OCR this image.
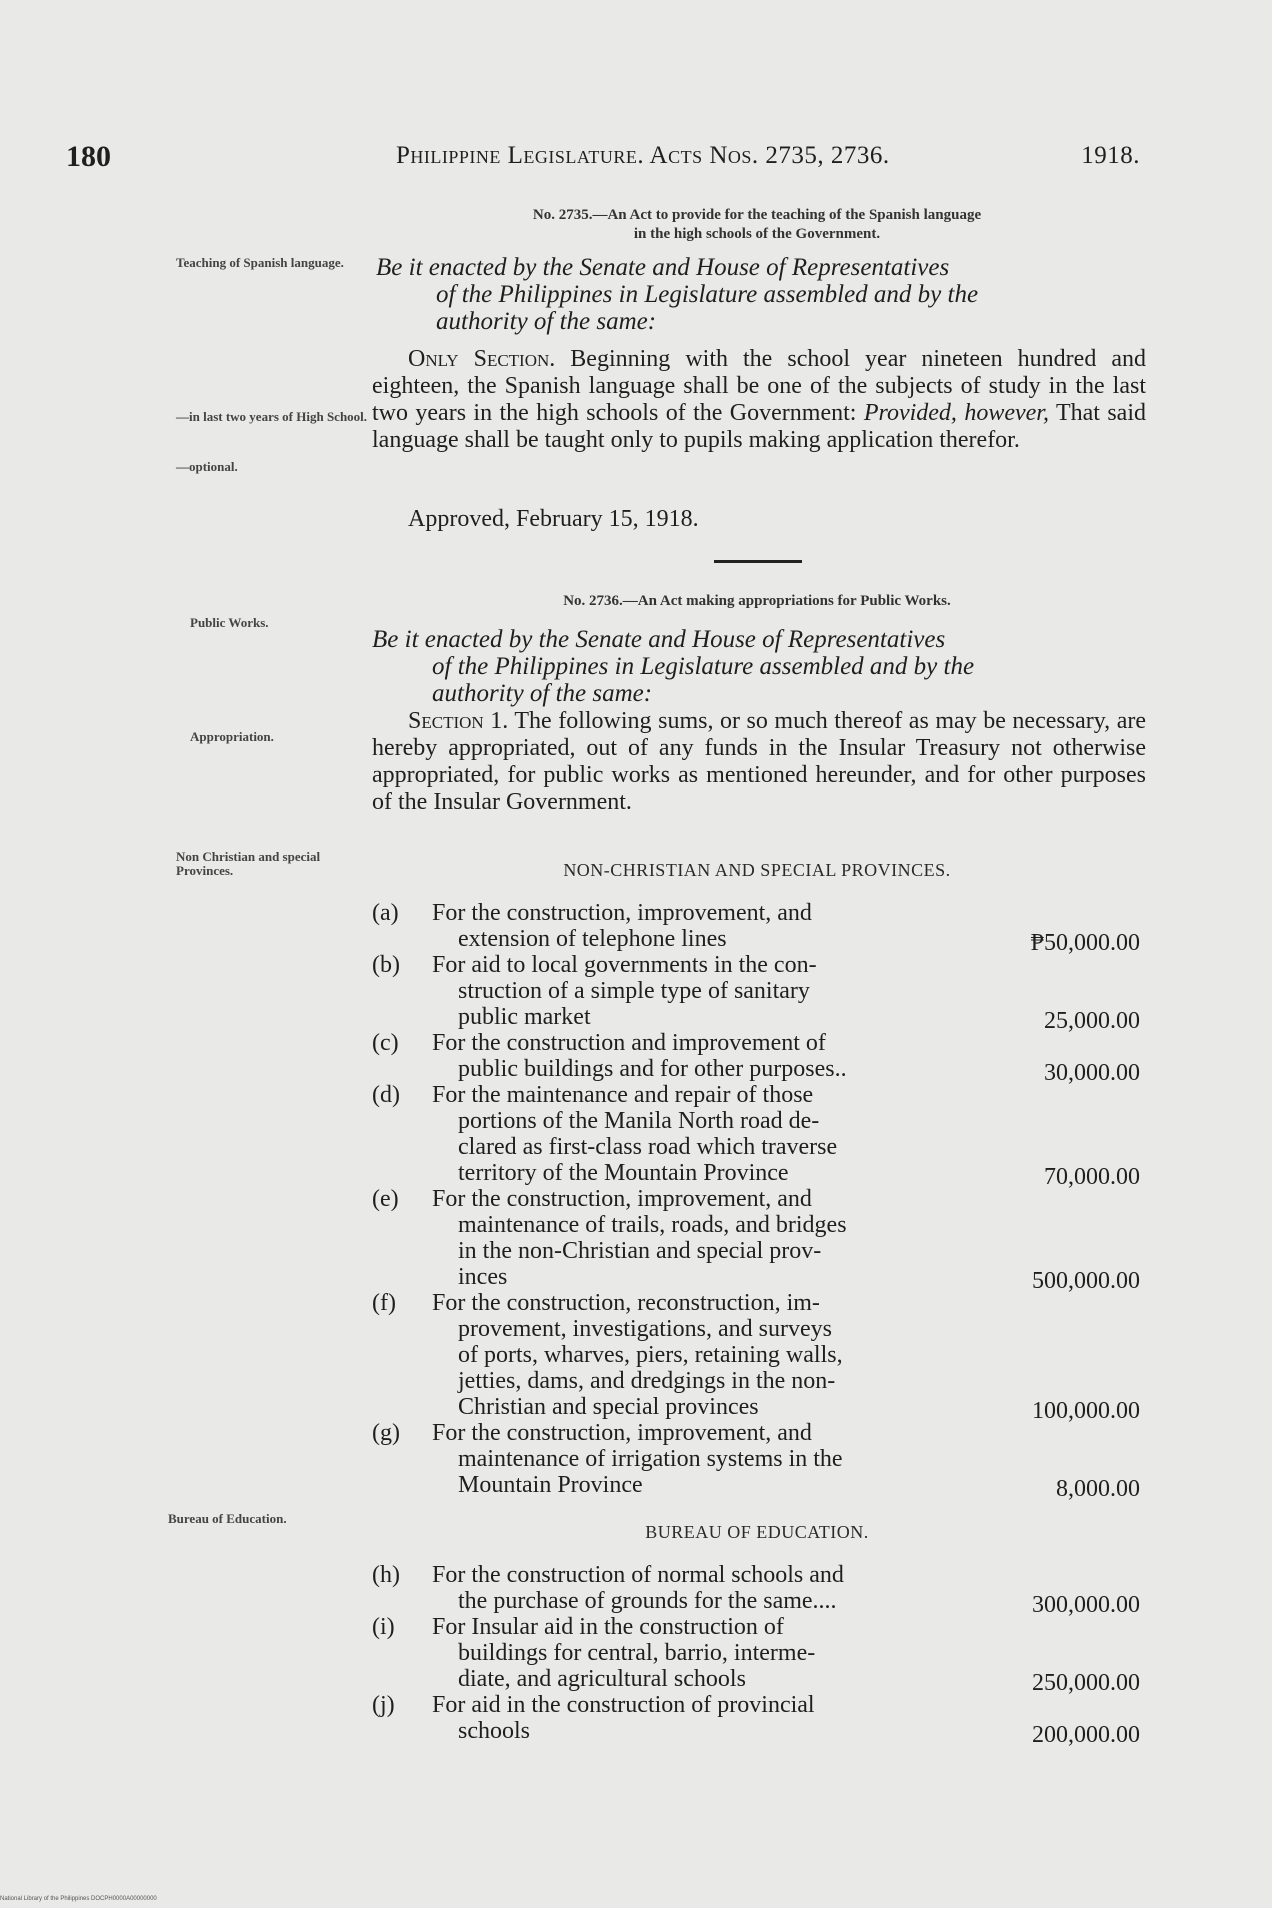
180	Philippine Legislature. Acts Nos. 2735, 2736.	1918.
No. 2735.—An Act to provide for the teaching of the Spanish language
in the high schools of the Government.
Teaching of Spanish language.	Be it enacted by the Senate and House of Representatives
of the Philippines in Legislature assembled and by the
authority of the same:
Only Section. Beginning with the school year nineteen hundred and eighteen, the Spanish language shall be one of the subjects of study in the last two years in the high schools of the Government: Provided, however, That said language shall be taught only to pupils making application therefor.
—in last two years of High School.
—optional.
Approved, February 15, 1918.
No. 2736.—An Act making appropriations for Public Works.
Public Works.
Be it enacted by the Senate and House of Representatives
of the Philippines in Legislature assembled and by the
authority of the same:
Appropriation.
Section 1. The following sums, or so much thereof as may be necessary, are hereby appropriated, out of any funds in the Insular Treasury not otherwise appropriated, for public works as mentioned hereunder, and for other purposes of the Insular Government.
Non Christian and special Provinces.	NON-CHRISTIAN AND SPECIAL PROVINCES.
(a) For the construction, improvement, and
extension of telephone lines	₱50,000.00
(b) For aid to local governments in the con-
struction of a simple type of sanitary
public market	25,000.00
(c) For the construction and improvement of
public buildings and for other purposes..	30,000.00
(d) For the maintenance and repair of those
portions of the Manila North road de-
clared as first-class road which traverse
territory of the Mountain Province	70,000.00
(e) For the construction, improvement, and
maintenance of trails, roads, and bridges
in the non-Christian and special prov-
inces	500,000.00
(f) For the construction, reconstruction, im-
provement, investigations, and surveys
of ports, wharves, piers, retaining walls,
jetties, dams, and dredgings in the non-
Christian and special provinces	100,000.00
(g) For the construction, improvement, and
maintenance of irrigation systems in the
Mountain Province	8,000.00
Bureau of Education.
BUREAU OF EDUCATION.
(h) For the construction of normal schools and
the purchase of grounds for the same....	300,000.00
(i) For Insular aid in the construction of
buildings for central, barrio, interme-
diate, and agricultural schools	250,000.00
(j) For aid in the construction of provincial
schools	200,000.00
National Library of the Philippines DOCPH0000A00000000
